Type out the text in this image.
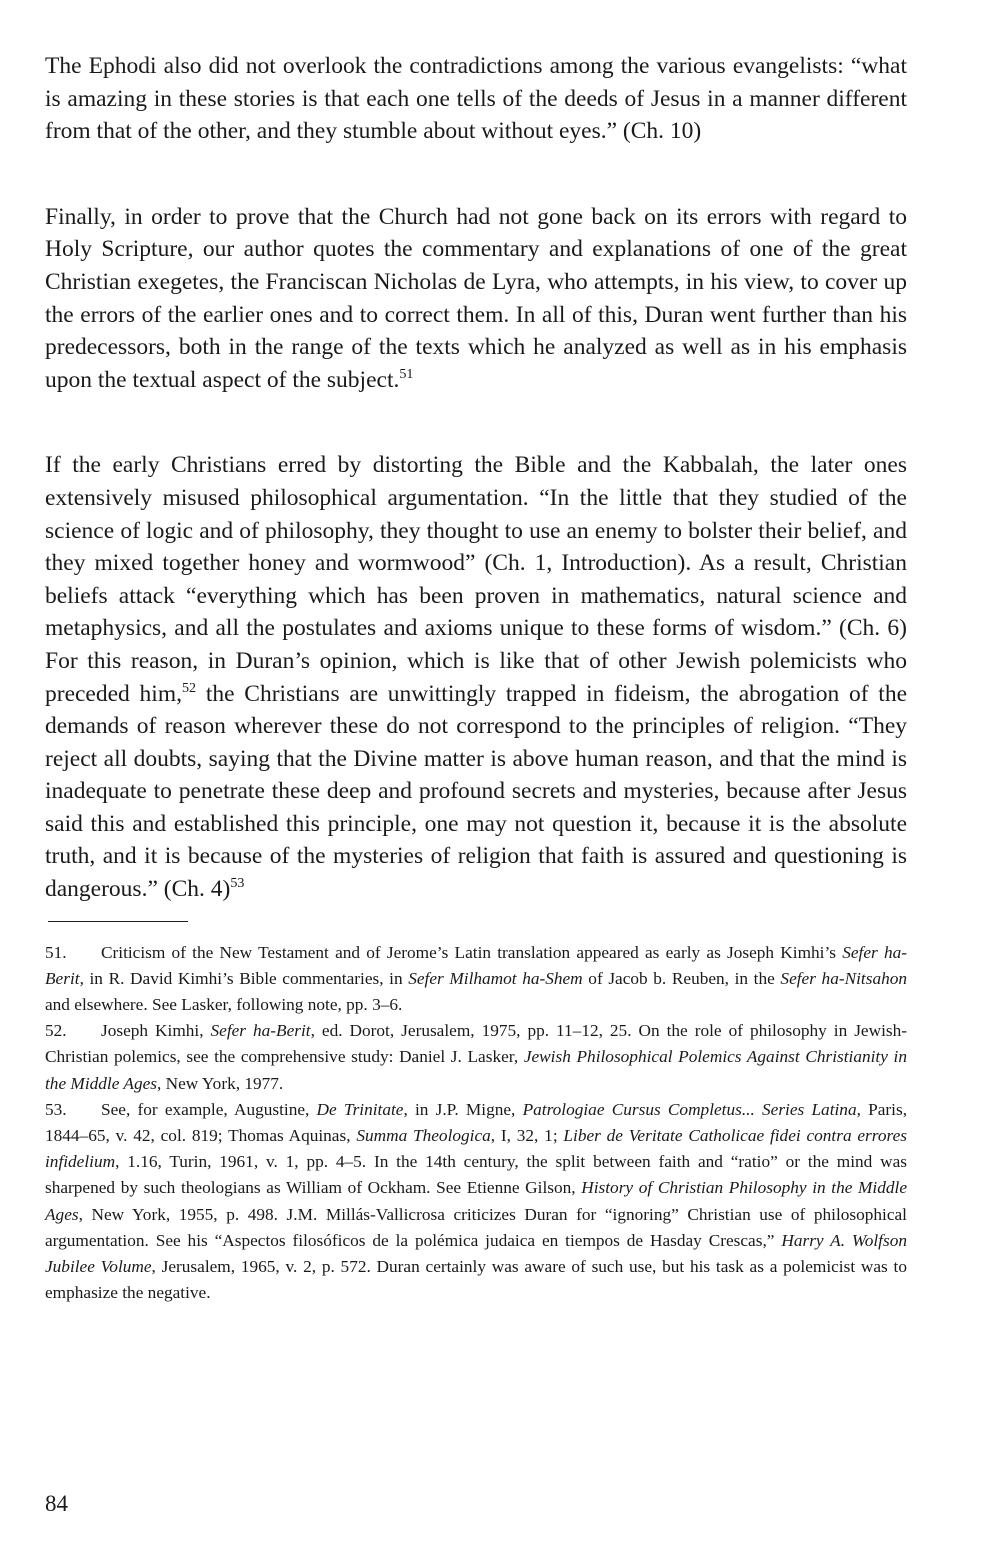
The Ephodi also did not overlook the contradictions among the various evangelists: “what is amazing in these stories is that each one tells of the deeds of Jesus in a manner different from that of the other, and they stumble about without eyes.” (Ch. 10)

Finally, in order to prove that the Church had not gone back on its errors with regard to Holy Scripture, our author quotes the commentary and explanations of one of the great Christian exegetes, the Franciscan Nicholas de Lyra, who attempts, in his view, to cover up the errors of the earlier ones and to correct them. In all of this, Duran went further than his predecessors, both in the range of the texts which he analyzed as well as in his emphasis upon the textual aspect of the subject.$^{51}$

If the early Christians erred by distorting the Bible and the Kabbalah, the later ones extensively misused philosophical argumentation. “In the little that they studied of the science of logic and of philosophy, they thought to use an enemy to bolster their belief, and they mixed together honey and wormwood” (Ch. 1, Introduction). As a result, Christian beliefs attack “everything which has been proven in mathematics, natural science and metaphysics, and all the postulates and axioms unique to these forms of wisdom.” (Ch. 6) For this reason, in Duran’s opinion, which is like that of other Jewish polemicists who preceded him,$^{52}$ the Christians are unwittingly trapped in fideism, the abrogation of the demands of reason wherever these do not correspond to the principles of religion. “They reject all doubts, saying that the Divine matter is above human reason, and that the mind is inadequate to penetrate these deep and profound secrets and mysteries, because after Jesus said this and established this principle, one may not question it, because it is the absolute truth, and it is because of the mysteries of religion that faith is assured and questioning is dangerous.” (Ch. 4)$^{53}$

51. Criticism of the New Testament and of Jerome’s Latin translation appeared as early as Joseph Kimhi’s Sefer ha-Berit, in R. David Kimhi’s Bible commentaries, in Sefer Milhamot ha-Shem of Jacob b. Reuben, in the Sefer ha-Nitsahon and elsewhere. See Lasker, following note, pp. 3–6.

52. Joseph Kimhi, Sefer ha-Berit, ed. Dorot, Jerusalem, 1975, pp. 11–12, 25. On the role of philosophy in Jewish-Christian polemics, see the comprehensive study: Daniel J. Lasker, Jewish Philosophical Polemics Against Christianity in the Middle Ages, New York, 1977.

53. See, for example, Augustine, De Trinitate, in J.P. Migne, Patrologiae Cursus Completus... Series Latina, Paris, 1844–65, v. 42, col. 819; Thomas Aquinas, Summa Theologica, I, 32, 1; Liber de Veritate Catholicae fidei contra errores infidelium, 1.16, Turin, 1961, v. 1, pp. 4–5. In the 14th century, the split between faith and “ratio” or the mind was sharpened by such theologians as William of Ockham. See Etienne Gilson, History of Christian Philosophy in the Middle Ages, New York, 1955, p. 498. J.M. Millás-Vallicrosa criticizes Duran for “ignoring” Christian use of philosophical argumentation. See his “Aspectos filosóficos de la polémica judaica en tiempos de Hasday Crescas,” Harry A. Wolfson Jubilee Volume, Jerusalem, 1965, v. 2, p. 572. Duran certainly was aware of such use, but his task as a polemicist was to emphasize the negative.

84
